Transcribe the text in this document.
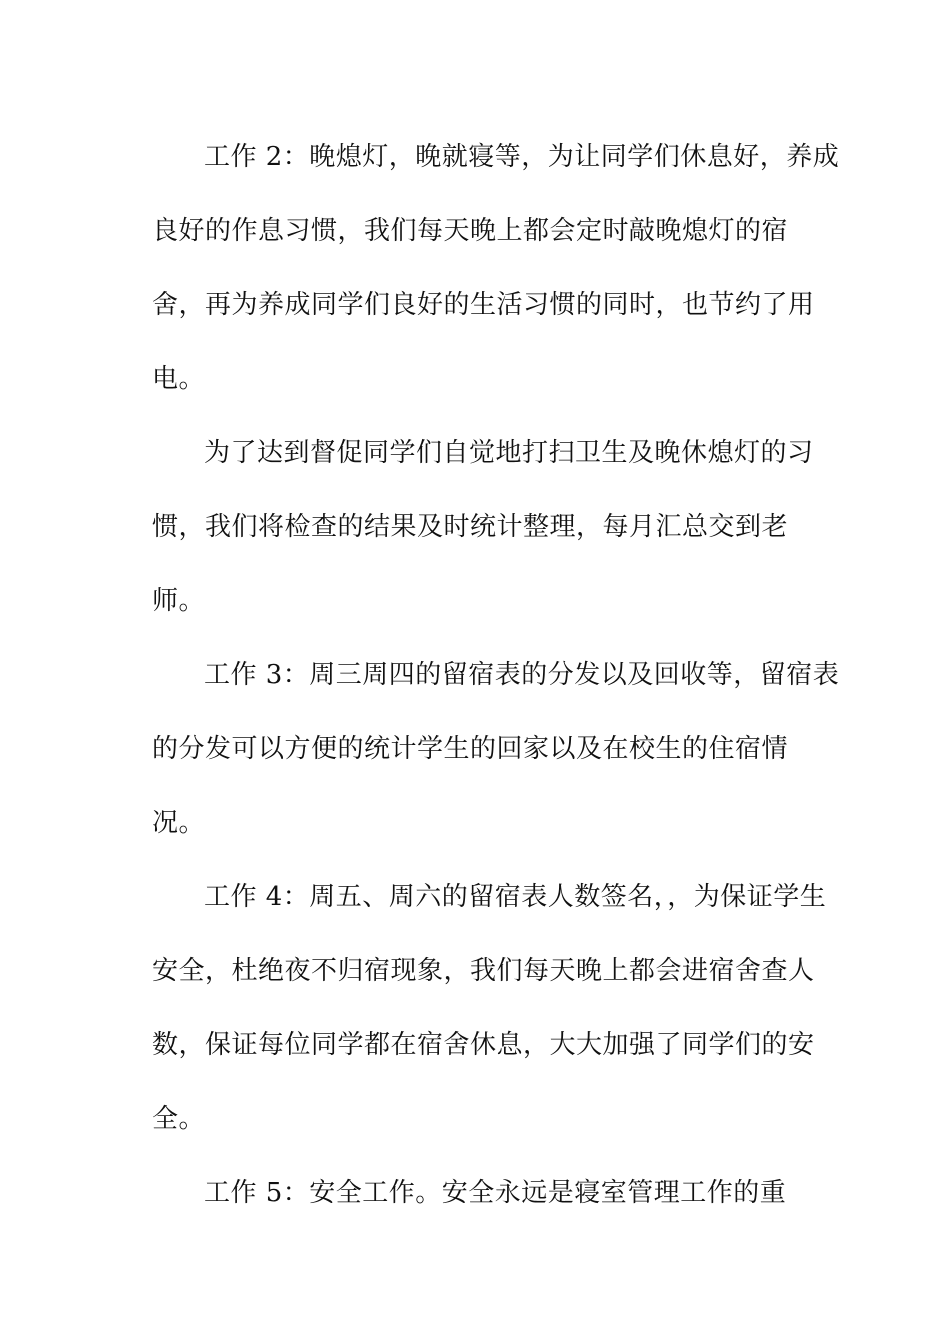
工作 2：晚熄灯，晚就寝等，为让同学们休息好，养成
良好的作息习惯，我们每天晚上都会定时敲晚熄灯的宿
舍，再为养成同学们良好的生活习惯的同时，也节约了用
电。
为了达到督促同学们自觉地打扫卫生及晚休熄灯的习
惯，我们将检查的结果及时统计整理，每月汇总交到老
师。
工作 3：周三周四的留宿表的分发以及回收等，留宿表
的分发可以方便的统计学生的回家以及在校生的住宿情
况。
工作 4：周五、周六的留宿表人数签名，，为保证学生
安全，杜绝夜不归宿现象，我们每天晚上都会进宿舍查人
数，保证每位同学都在宿舍休息，大大加强了同学们的安
全。
工作 5：安全工作。安全永远是寝室管理工作的重
